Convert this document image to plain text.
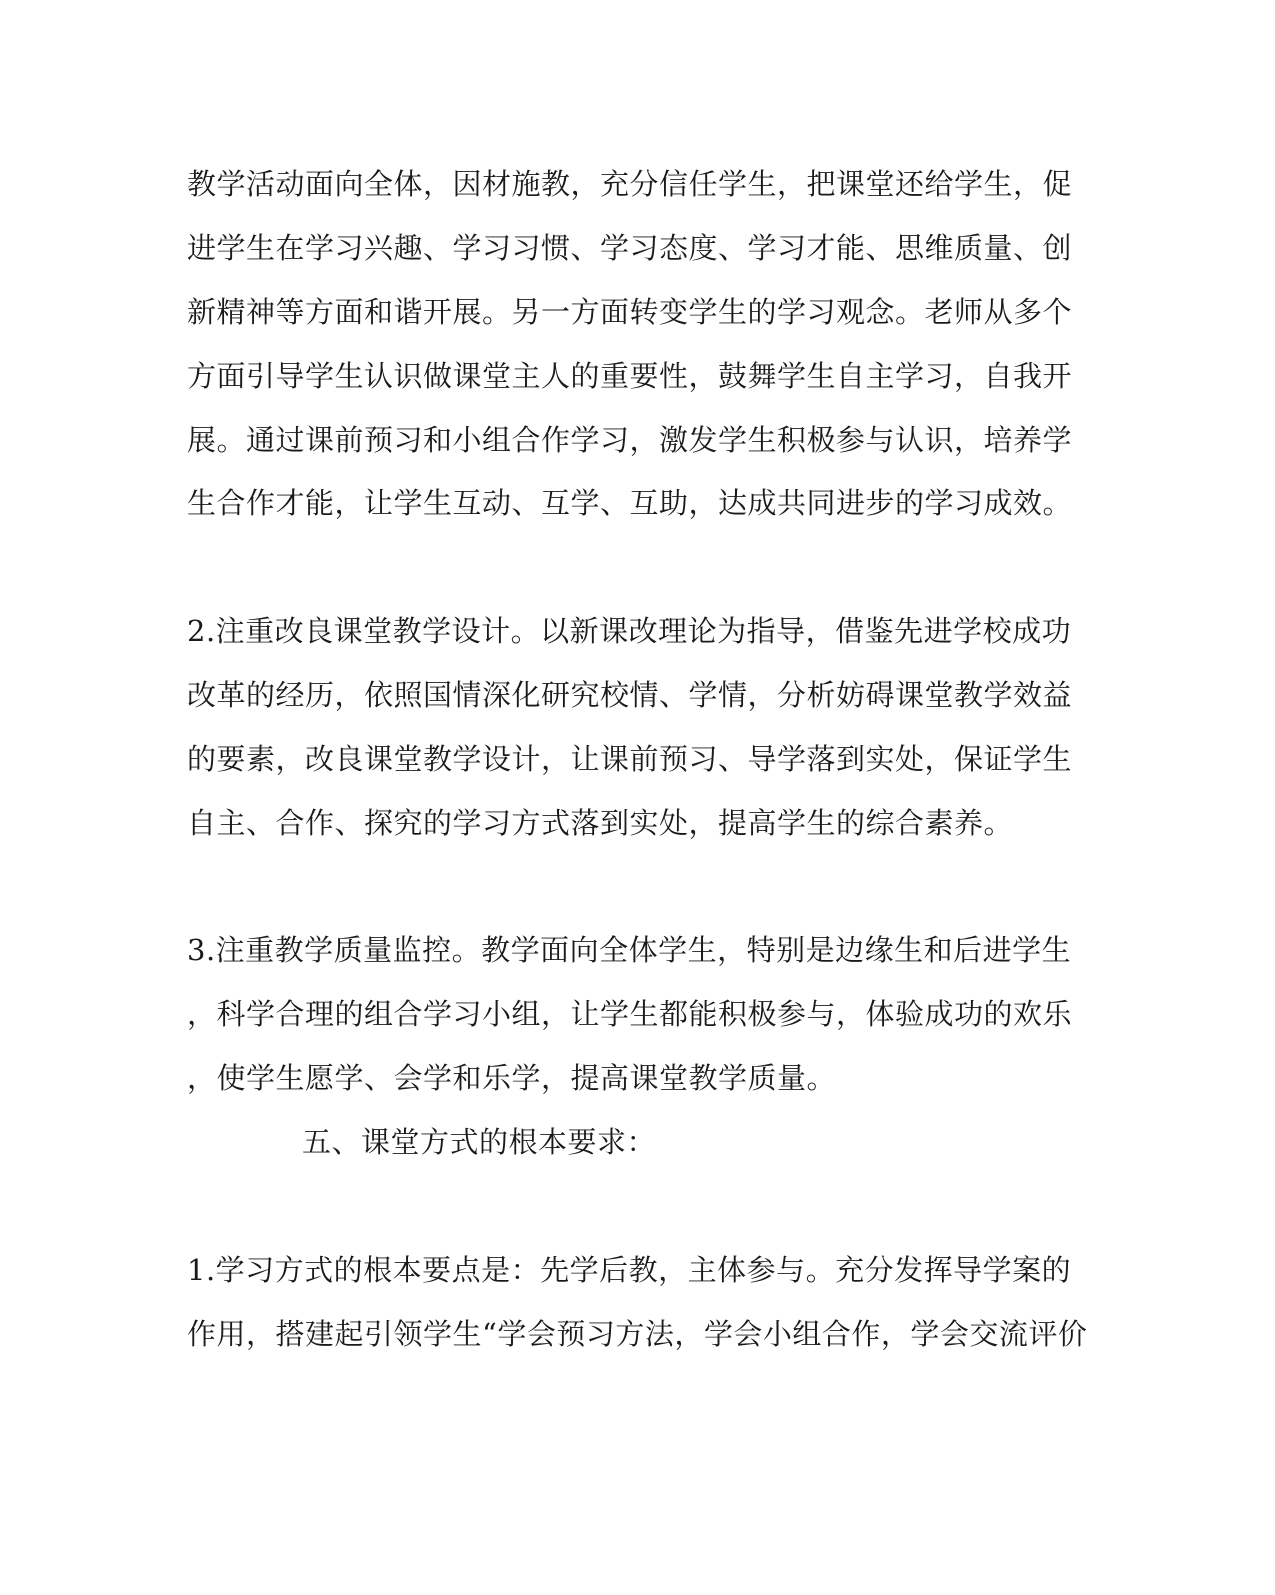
教学活动面向全体，因材施教，充分信任学生，把课堂还给学生，促
进学生在学习兴趣、学习习惯、学习态度、学习才能、思维质量、创
新精神等方面和谐开展。另一方面转变学生的学习观念。老师从多个
方面引导学生认识做课堂主人的重要性，鼓舞学生自主学习，自我开
展。通过课前预习和小组合作学习，激发学生积极参与认识，培养学
生合作才能，让学生互动、互学、互助，达成共同进步的学习成效。
2.注重改良课堂教学设计。以新课改理论为指导，借鉴先进学校成功
改革的经历，依照国情深化研究校情、学情，分析妨碍课堂教学效益
的要素，改良课堂教学设计，让课前预习、导学落到实处，保证学生
自主、合作、探究的学习方式落到实处，提高学生的综合素养。
3.注重教学质量监控。教学面向全体学生，特别是边缘生和后进学生
，科学合理的组合学习小组，让学生都能积极参与，体验成功的欢乐
，使学生愿学、会学和乐学，提高课堂教学质量。
五、课堂方式的根本要求：
1.学习方式的根本要点是：先学后教，主体参与。充分发挥导学案的
作用，搭建起引领学生“学会预习方法，学会小组合作，学会交流评价
